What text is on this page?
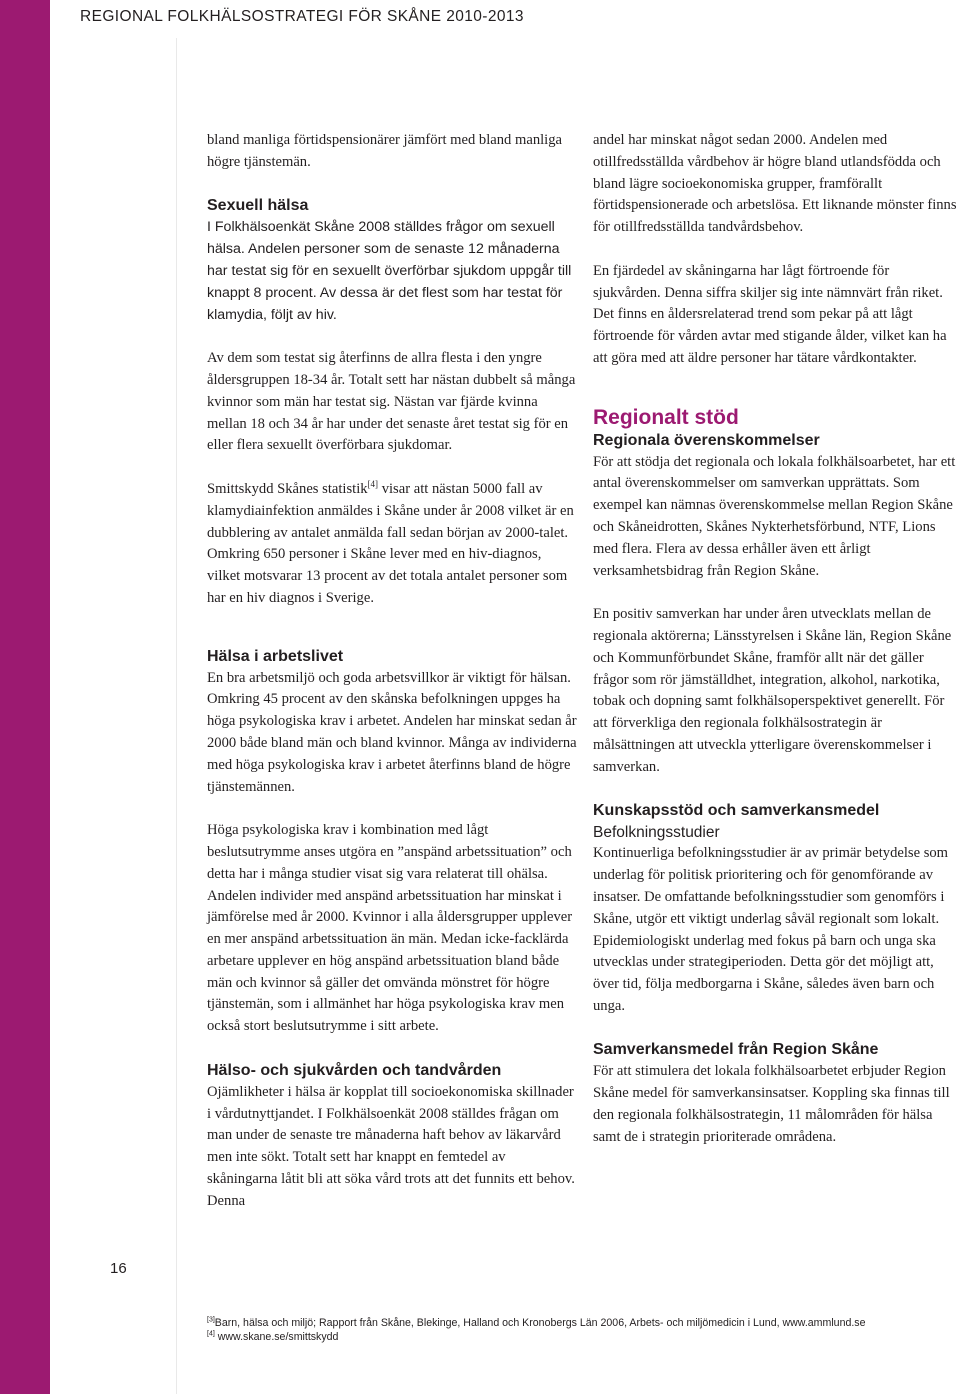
REGIONAL FOLKHÄLSOSTRATEGI FÖR SKÅNE 2010-2013
16

bland manliga förtidspensionärer jämfört med bland manliga högre tjänstemän.

Sexuell hälsa

I Folkhälsoenkät Skåne 2008 ställdes frågor om sexuell hälsa. Andelen personer som de senaste 12 månaderna har testat sig för en sexuellt överförbar sjukdom uppgår till knappt 8 procent. Av dessa är det flest som har testat för klamydia, följt av hiv.

Av dem som testat sig återfinns de allra flesta i den yngre åldersgruppen 18-34 år. Totalt sett har nästan dubbelt så många kvinnor som män har testat sig. Nästan var fjärde kvinna mellan 18 och 34 år har under det senaste året testat sig för en eller flera sexuellt överförbara sjukdomar.

Smittskydd Skånes statistik[4] visar att nästan 5000 fall av klamydiainfektion anmäldes i Skåne under år 2008 vilket är en dubblering av antalet anmälda fall sedan början av 2000-talet. Omkring 650 personer i Skåne lever med en hiv-diagnos, vilket motsvarar 13 procent av det totala antalet personer som har en hiv diagnos i Sverige.

Hälsa i arbetslivet

En bra arbetsmiljö och goda arbetsvillkor är viktigt för hälsan. Omkring 45 procent av den skånska befolkningen uppges ha höga psykologiska krav i arbetet. Andelen har minskat sedan år 2000 både bland män och bland kvinnor. Många av individerna med höga psykologiska krav i arbetet återfinns bland de högre tjänstemännen.

Höga psykologiska krav i kombination med lågt beslutsutrymme anses utgöra en ”anspänd arbetssituation” och detta har i många studier visat sig vara relaterat till ohälsa. Andelen individer med anspänd arbetssituation har minskat i jämförelse med år 2000. Kvinnor i alla åldersgrupper upplever en mer anspänd arbetssituation än män. Medan icke-facklärda arbetare upplever en hög anspänd arbetssituation bland både män och kvinnor så gäller det omvända mönstret för högre tjänstemän, som i allmänhet har höga psykologiska krav men också stort beslutsutrymme i sitt arbete.

Hälso- och sjukvården och tandvården

Ojämlikheter i hälsa är kopplat till socioekonomiska skillnader i vårdutnyttjandet. I Folkhälsoenkät 2008 ställdes frågan om man under de senaste tre månaderna haft behov av läkarvård men inte sökt. Totalt sett har knappt en femtedel av skåningarna låtit bli att söka vård trots att det funnits ett behov. Denna

andel har minskat något sedan 2000. Andelen med otillfredsställda vårdbehov är högre bland utlandsfödda och bland lägre socioekonomiska grupper, framförallt förtidspensionerade och arbetslösa. Ett liknande mönster finns för otillfredsställda tandvårdsbehov.

En fjärdedel av skåningarna har lågt förtroende för sjukvården. Denna siffra skiljer sig inte nämnvärt från riket. Det finns en åldersrelaterad trend som pekar på att lågt förtroende för vården avtar med stigande ålder, vilket kan ha att göra med att äldre personer har tätare vårdkontakter.

Regionalt stöd
Regionala överenskommelser

För att stödja det regionala och lokala folkhälsoarbetet, har ett antal överenskommelser om samverkan upprättats. Som exempel kan nämnas överenskommelse mellan Region Skåne och Skåneidrotten, Skånes Nykterhetsförbund, NTF, Lions med flera. Flera av dessa erhåller även ett årligt verksamhetsbidrag från Region Skåne.

En positiv samverkan har under åren utvecklats mellan de regionala aktörerna; Länsstyrelsen i Skåne län, Region Skåne och Kommunförbundet Skåne, framför allt när det gäller frågor som rör jämställdhet, integration, alkohol, narkotika, tobak och dopning samt folkhälsoperspektivet generellt. För att förverkliga den regionala folkhälsostrategin är målsättningen att utveckla ytterligare överenskommelser i samverkan.

Kunskapsstöd och samverkansmedel
Befolkningsstudier

Kontinuerliga befolkningsstudier är av primär betydelse som underlag för politisk prioritering och för genomförande av insatser. De omfattande befolkningsstudier som genomförs i Skåne, utgör ett viktigt underlag såväl regionalt som lokalt. Epidemiologiskt underlag med fokus på barn och unga ska utvecklas under strategiperioden. Detta gör det möjligt att, över tid, följa medborgarna i Skåne, således även barn och unga.

Samverkansmedel från Region Skåne

För att stimulera det lokala folkhälsoarbetet erbjuder Region Skåne medel för samverkansinsatser. Koppling ska finnas till den regionala folkhälsostrategin, 11 målområden för hälsa samt de i strategin prioriterade områdena.

[3]Barn, hälsa och miljö; Rapport från Skåne, Blekinge, Halland och Kronobergs Län 2006, Arbets- och miljömedicin i Lund, www.ammlund.se
[4] www.skane.se/smittskydd
